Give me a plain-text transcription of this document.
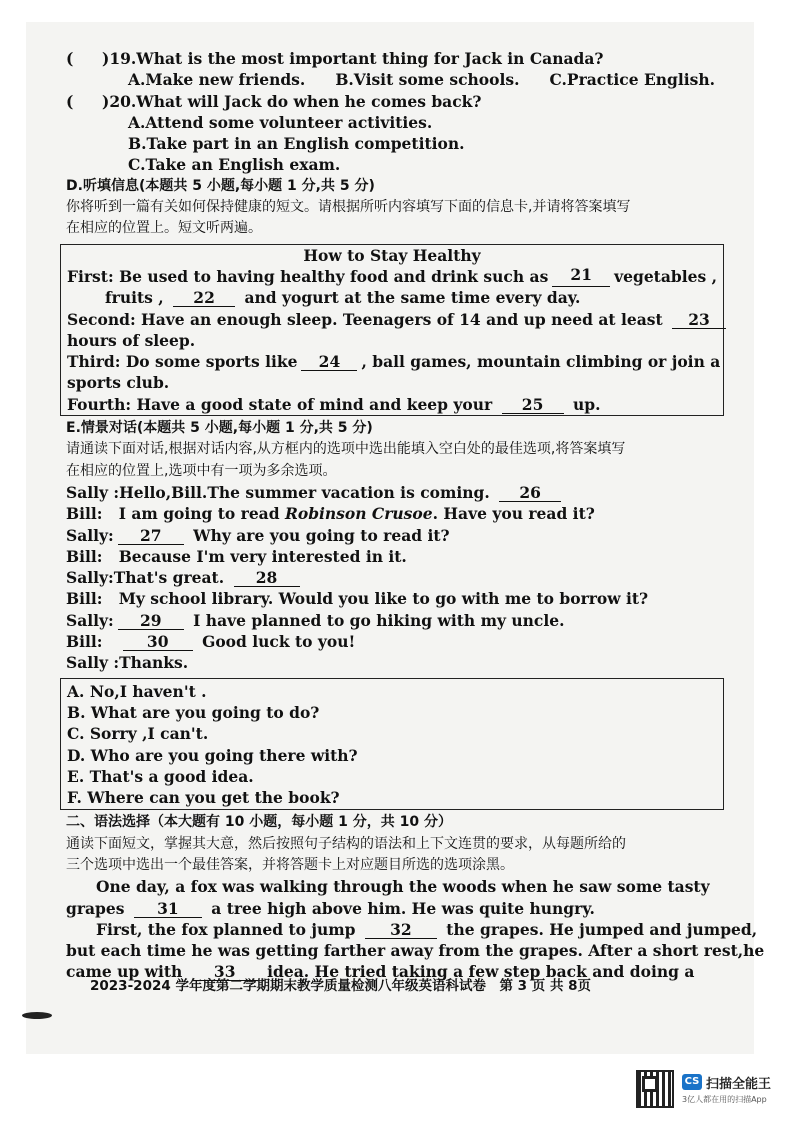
( )19.What is the most important thing for Jack in Canada?
A.Make new friends. B.Visit some schools. C.Practice English.
( )20.What will Jack do when he comes back?
A.Attend some volunteer activities.
B.Take part in an English competition.
C.Take an English exam.
D.听填信息(本题共 5 小题,每小题 1 分,共 5 分)
你将听到一篇有关如何保持健康的短文。请根据所听内容填写下面的信息卡,并请将答案填写
在相应的位置上。短文听两遍。
How to Stay Healthy
First: Be used to having healthy food and drink such as	21	vegetables ,
fruits , 22 and yogurt at the same time every day.
Second: Have an enough sleep. Teenagers of 14 and up need at least 23
hours of sleep.
Third: Do some sports like 24	, ball games, mountain climbing or join a
sports club.
Fourth: Have a good state of mind and keep your 25 up.
E.情景对话(本题共 5 小题,每小题 1 分,共 5 分)
请通读下面对话,根据对话内容,从方框内的选项中选出能填入空白处的最佳选项,将答案填写
在相应的位置上,选项中有一项为多余选项。
Sally :Hello,Bill.The summer vacation is coming. 26
Bill: I am going to read Robinson Crusoe. Have you read it?
Sally: 27 Why are you going to read it?
Bill: Because I'm very interested in it.
Sally:That's great. 28
Bill: My school library. Would you like to go with me to borrow it?
Sally: 29 I have planned to go hiking with my uncle.
Bill:	30 Good luck to you!
Sally :Thanks.
A. No,I haven't .
B. What are you going to do?
C. Sorry ,I can't.
D. Who are you going there with?
E. That's a good idea.
F. Where can you get the book?
二、语法选择（本大题有 10 小题，每小题 1 分，共 10 分）
通读下面短文，掌握其大意，然后按照句子结构的语法和上下文连贯的要求，从每题所给的
三个选项中选出一个最佳答案，并将答题卡上对应题目所选的选项涂黑。
One day, a fox was walking through the woods when he saw some tasty
grapes 31 a tree high above him. He was quite hungry.
First, the fox planned to jump 32 the grapes. He jumped and jumped,
but each time he was getting farther away from the grapes. After a short rest,he
came up with 33 idea. He tried taking a few step back and doing a
2023-2024 学年度第二学期期末教学质量检测八年级英语科试卷　第 3 页 共 8页
CS 扫描全能王
3亿人都在用的扫描App
